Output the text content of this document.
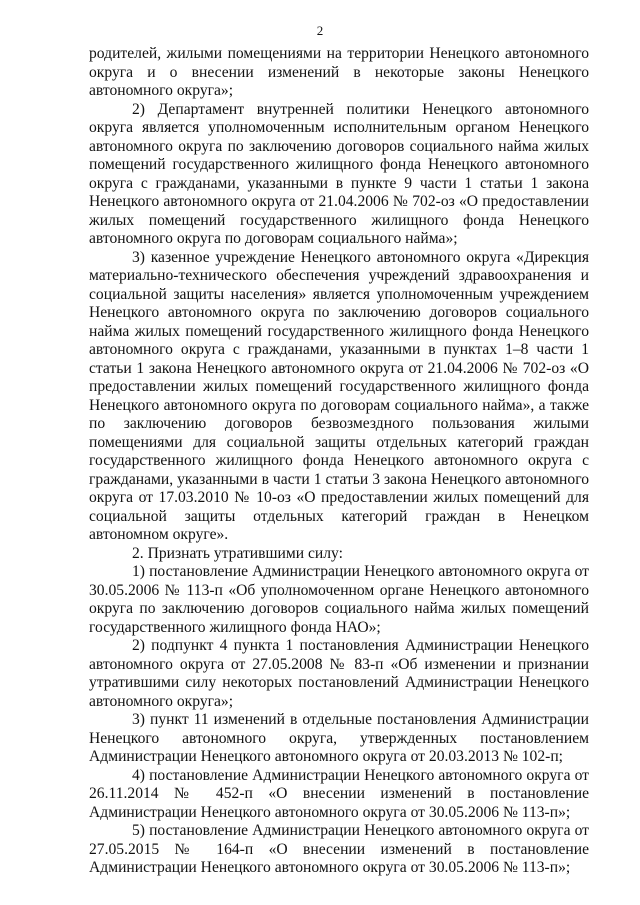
2

родителей, жилыми помещениями на территории Ненецкого автономного округа и о внесении изменений в некоторые законы Ненецкого автономного округа»;

2) Департамент внутренней политики Ненецкого автономного округа является уполномоченным исполнительным органом Ненецкого автономного округа по заключению договоров социального найма жилых помещений государственного жилищного фонда Ненецкого автономного округа с гражданами, указанными в пункте 9 части 1 статьи 1 закона Ненецкого автономного округа от 21.04.2006 № 702-оз «О предоставлении жилых помещений государственного жилищного фонда Ненецкого автономного округа по договорам социального найма»;

3) казенное учреждение Ненецкого автономного округа «Дирекция материально-технического обеспечения учреждений здравоохранения и социальной защиты населения» является уполномоченным учреждением Ненецкого автономного округа по заключению договоров социального найма жилых помещений государственного жилищного фонда Ненецкого автономного округа с гражданами, указанными в пунктах 1–8 части 1 статьи 1 закона Ненецкого автономного округа от 21.04.2006 № 702-оз «О предоставлении жилых помещений государственного жилищного фонда Ненецкого автономного округа по договорам социального найма», а также по заключению договоров безвозмездного пользования жилыми помещениями для социальной защиты отдельных категорий граждан государственного жилищного фонда Ненецкого автономного округа с гражданами, указанными в части 1 статьи 3 закона Ненецкого автономного округа от 17.03.2010 № 10-оз «О предоставлении жилых помещений для социальной защиты отдельных категорий граждан в Ненецком автономном округе».

2. Признать утратившими силу:

1) постановление Администрации Ненецкого автономного округа от 30.05.2006 № 113-п «Об уполномоченном органе Ненецкого автономного округа по заключению договоров социального найма жилых помещений государственного жилищного фонда НАО»;

2) подпункт 4 пункта 1 постановления Администрации Ненецкого автономного округа от 27.05.2008 № 83-п «Об изменении и признании утратившими силу некоторых постановлений Администрации Ненецкого автономного округа»;

3) пункт 11 изменений в отдельные постановления Администрации Ненецкого автономного округа, утвержденных постановлением Администрации Ненецкого автономного округа от 20.03.2013 № 102-п;

4) постановление Администрации Ненецкого автономного округа от 26.11.2014 № 452-п «О внесении изменений в постановление Администрации Ненецкого автономного округа от 30.05.2006 № 113-п»;

5) постановление Администрации Ненецкого автономного округа от 27.05.2015 № 164-п «О внесении изменений в постановление Администрации Ненецкого автономного округа от 30.05.2006 № 113-п»;
